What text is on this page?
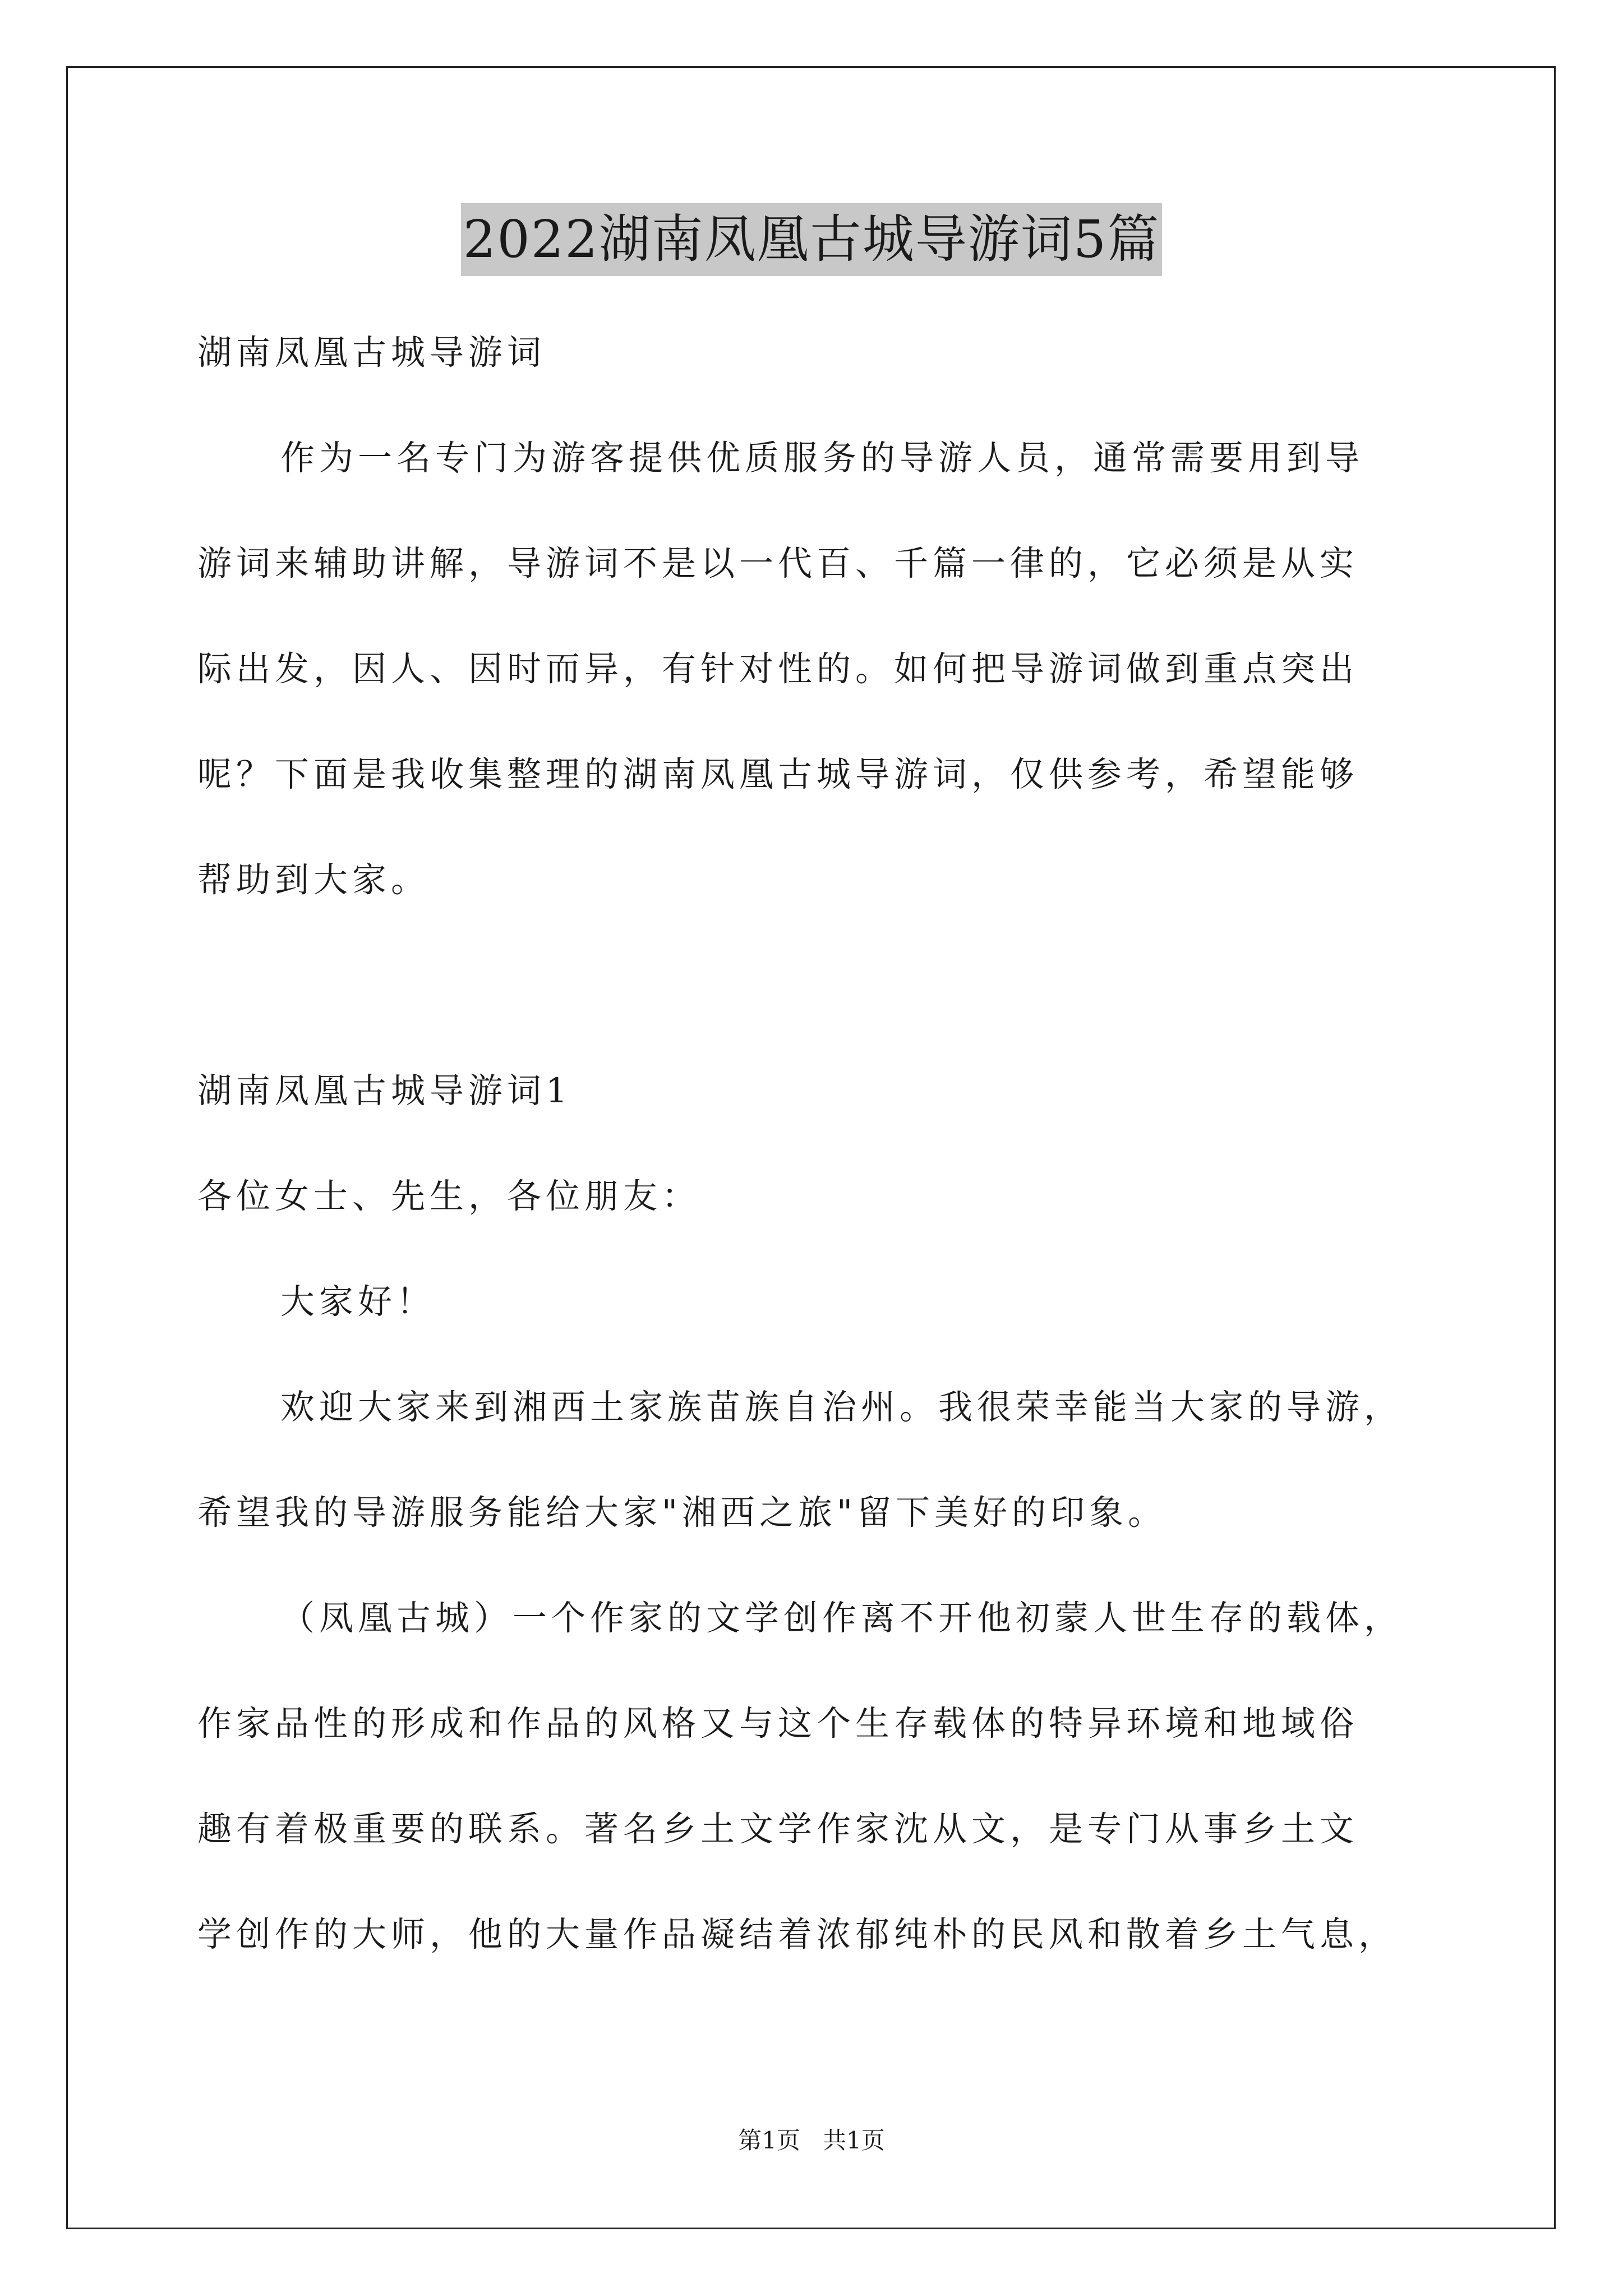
2022湖南凤凰古城导游词5篇

湖南凤凰古城导游词

作为一名专门为游客提供优质服务的导游人员，通常需要用到导

游词来辅助讲解，导游词不是以一代百、千篇一律的，它必须是从实

际出发，因人、因时而异，有针对性的。如何把导游词做到重点突出

呢？下面是我收集整理的湖南凤凰古城导游词，仅供参考，希望能够

帮助到大家。

湖南凤凰古城导游词1

各位女士、先生，各位朋友：

大家好！

欢迎大家来到湘西土家族苗族自治州。我很荣幸能当大家的导游，

希望我的导游服务能给大家"湘西之旅"留下美好的印象。

（凤凰古城）一个作家的文学创作离不开他初蒙人世生存的载体，

作家品性的形成和作品的风格又与这个生存载体的特异环境和地域俗

趣有着极重要的联系。著名乡土文学作家沈从文，是专门从事乡土文

学创作的大师，他的大量作品凝结着浓郁纯朴的民风和散着乡土气息，

第1页   共1页
